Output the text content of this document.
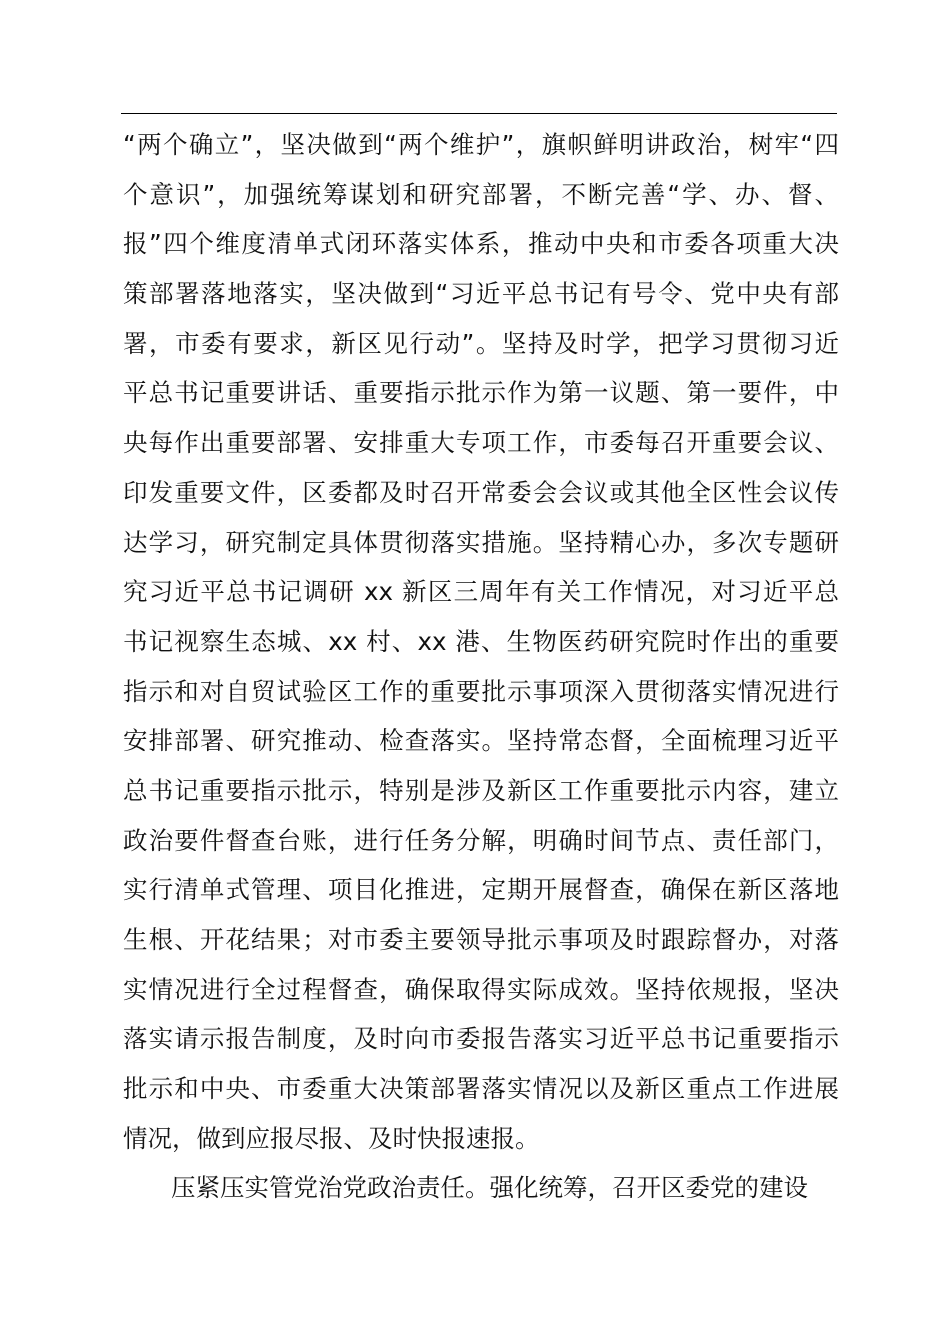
“两个确立”，坚决做到“两个维护”，旗帜鲜明讲政治，树牢“四
个意识”，加强统筹谋划和研究部署，不断完善“学、办、督、
报”四个维度清单式闭环落实体系，推动中央和市委各项重大决
策部署落地落实，坚决做到“习近平总书记有号令、党中央有部
署，市委有要求，新区见行动”。坚持及时学，把学习贯彻习近
平总书记重要讲话、重要指示批示作为第一议题、第一要件，中
央每作出重要部署、安排重大专项工作，市委每召开重要会议、
印发重要文件，区委都及时召开常委会会议或其他全区性会议传
达学习，研究制定具体贯彻落实措施。坚持精心办，多次专题研
究习近平总书记调研 xx 新区三周年有关工作情况，对习近平总
书记视察生态城、xx 村、xx 港、生物医药研究院时作出的重要
指示和对自贸试验区工作的重要批示事项深入贯彻落实情况进行
安排部署、研究推动、检查落实。坚持常态督，全面梳理习近平
总书记重要指示批示，特别是涉及新区工作重要批示内容，建立
政治要件督查台账，进行任务分解，明确时间节点、责任部门，
实行清单式管理、项目化推进，定期开展督查，确保在新区落地
生根、开花结果；对市委主要领导批示事项及时跟踪督办，对落
实情况进行全过程督查，确保取得实际成效。坚持依规报，坚决
落实请示报告制度，及时向市委报告落实习近平总书记重要指示
批示和中央、市委重大决策部署落实情况以及新区重点工作进展
情况，做到应报尽报、及时快报速报。
压紧压实管党治党政治责任。强化统筹，召开区委党的建设
